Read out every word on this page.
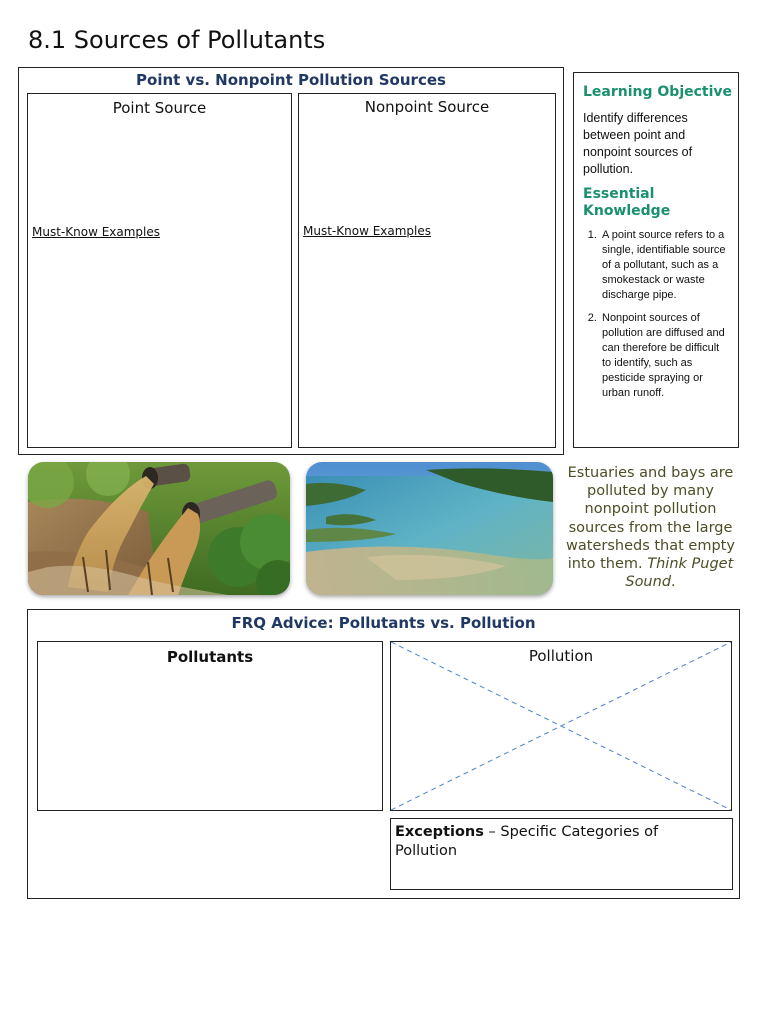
8.1 Sources of Pollutants
Point vs. Nonpoint Pollution Sources
Point Source
Must-Know Examples
Nonpoint Source
Must-Know Examples
Learning Objective
Identify differences between point and nonpoint sources of pollution.
Essential Knowledge
1. A point source refers to a single, identifiable source of a pollutant, such as a smokestack or waste discharge pipe.
2. Nonpoint sources of pollution are diffused and can therefore be difficult to identify, such as pesticide spraying or urban runoff.
Estuaries and bays are polluted by many nonpoint pollution sources from the large watersheds that empty into them. Think Puget Sound.
FRQ Advice: Pollutants vs. Pollution
Pollutants	Pollution
Exceptions – Specific Categories of Pollution
